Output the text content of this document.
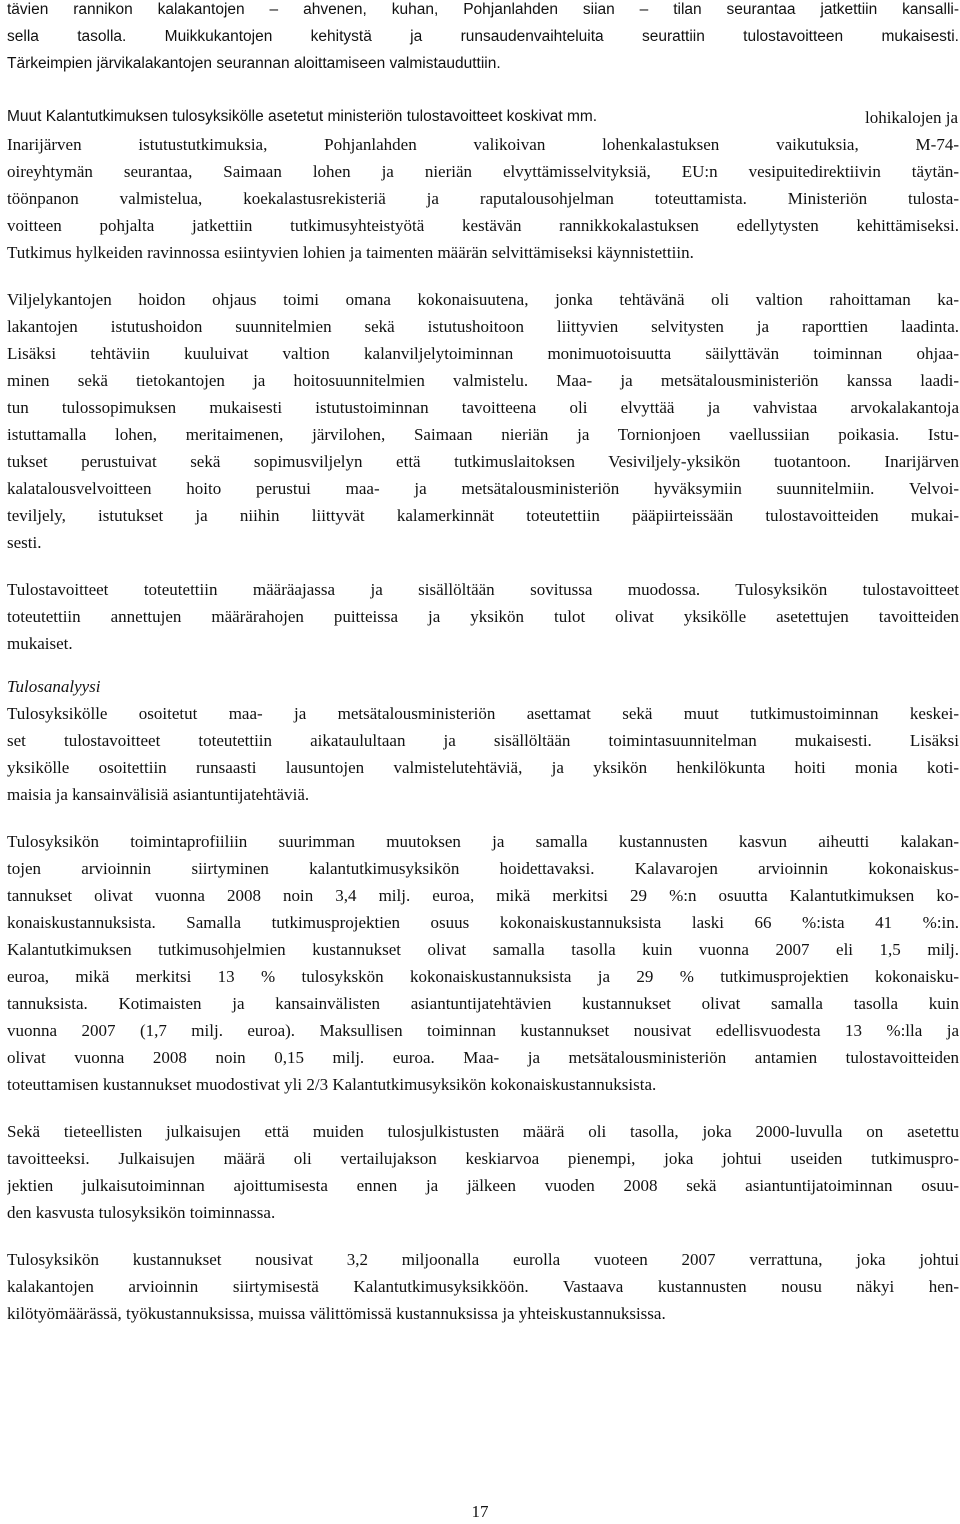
tävien rannikon kalakantojen – ahvenen, kuhan, Pohjanlahden siian – tilan seurantaa jatkettiin kansalli-
sella tasolla. Muikkukantojen kehitystä ja runsaudenvaihteluita seurattiin tulostavoitteen mukaisesti.
Tärkeimpien järvikalakantojen seurannan aloittamiseen valmistauduttiin.
Muut Kalantutkimuksen tulosyksikölle asetetut ministeriön tulostavoitteet koskivat mm.	lohikalojen ja
Inarijärven istutustutkimuksia, Pohjanlahden valikoivan lohenkalastuksen vaikutuksia, M-74-
oireyhtymän seurantaa, Saimaan lohen ja nieriän elvyttämisselvityksiä, EU:n vesipuitedirektiivin täytän-
töönpanon valmistelua, koekalastusrekisteriä ja raputalousohjelman toteuttamista. Ministeriön tulosta-
voitteen pohjalta jatkettiin tutkimusyhteistyötä kestävän rannikkokalastuksen edellytysten kehittämiseksi.
Tutkimus hylkeiden ravinnossa esiintyvien lohien ja taimenten määrän selvittämiseksi käynnistettiin.
Viljelykantojen hoidon ohjaus toimi omana kokonaisuutena, jonka tehtävänä oli valtion rahoittaman ka-
lakantojen istutushoidon suunnitelmien sekä istutushoitoon liittyvien selvitysten ja raporttien laadinta.
Lisäksi tehtäviin kuuluivat valtion kalanviljelytoiminnan monimuotoisuutta säilyttävän toiminnan ohjaa-
minen sekä tietokantojen ja hoitosuunnitelmien valmistelu. Maa- ja metsätalousministeriön kanssa laadi-
tun tulossopimuksen mukaisesti istutustoiminnan tavoitteena oli elvyttää ja vahvistaa arvokalakantoja
istuttamalla lohen, meritaimenen, järvilohen, Saimaan nieriän ja Tornionjoen vaellussiian poikasia. Istu-
tukset perustuivat sekä sopimusviljelyn että tutkimuslaitoksen Vesiviljely-yksikön tuotantoon. Inarijärven
kalatalousvelvoitteen hoito perustui maa- ja metsätalousministeriön hyväksymiin suunnitelmiin. Velvoi-
teviljely, istutukset ja niihin liittyvät kalamerkinnät toteutettiin pääpiirteissään tulostavoitteiden mukai-
sesti.
Tulostavoitteet toteutettiin määräajassa ja sisällöltään sovitussa muodossa. Tulosyksikön tulostavoitteet
toteutettiin annettujen määrärahojen puitteissa ja yksikön tulot olivat yksikölle asetettujen tavoitteiden
mukaiset.
Tulosanalyysi
Tulosyksikölle osoitetut maa- ja metsätalousministeriön asettamat sekä muut tutkimustoiminnan keskei-
set tulostavoitteet toteutettiin aikataulultaan ja sisällöltään toimintasuunnitelman mukaisesti. Lisäksi
yksikölle osoitettiin runsaasti lausuntojen valmistelutehtäviä, ja yksikön henkilökunta hoiti monia koti-
maisia ja kansainvälisiä asiantuntijatehtäviä.
Tulosyksikön toimintaprofiiliin suurimman muutoksen ja samalla kustannusten kasvun aiheutti kalakan-
tojen arvioinnin siirtyminen kalantutkimusyksikön hoidettavaksi. Kalavarojen arvioinnin kokonaiskus-
tannukset olivat vuonna 2008 noin 3,4 milj. euroa, mikä merkitsi 29 %:n osuutta Kalantutkimuksen ko-
konaiskustannuksista. Samalla tutkimusprojektien osuus kokonaiskustannuksista laski 66 %:ista 41 %:in.
Kalantutkimuksen tutkimusohjelmien kustannukset olivat samalla tasolla kuin vuonna 2007 eli 1,5 milj.
euroa, mikä merkitsi 13 % tulosykskön kokonaiskustannuksista ja 29 % tutkimusprojektien kokonaisku-
tannuksista. Kotimaisten ja kansainvälisten asiantuntijatehtävien kustannukset olivat samalla tasolla kuin
vuonna 2007 (1,7 milj. euroa). Maksullisen toiminnan kustannukset nousivat edellisvuodesta 13 %:lla ja
olivat vuonna 2008 noin 0,15 milj. euroa. Maa- ja metsätalousministeriön antamien tulostavoitteiden
toteuttamisen kustannukset muodostivat yli 2/3 Kalantutkimusyksikön kokonaiskustannuksista.
Sekä tieteellisten julkaisujen että muiden tulosjulkistusten määrä oli tasolla, joka 2000-luvulla on asetettu
tavoitteeksi. Julkaisujen määrä oli vertailujakson keskiarvoa pienempi, joka johtui useiden tutkimuspro-
jektien julkaisutoiminnan ajoittumisesta ennen ja jälkeen vuoden 2008 sekä asiantuntijatoiminnan osuu-
den kasvusta tulosyksikön toiminnassa.
Tulosyksikön kustannukset nousivat 3,2 miljoonalla eurolla vuoteen 2007 verrattuna, joka johtui
kalakantojen arvioinnin siirtymisestä Kalantutkimusyksikköön. Vastaava kustannusten nousu näkyi hen-
kilötyömäärässä, työkustannuksissa, muissa välittömissä kustannuksissa ja yhteiskustannuksissa.
17
